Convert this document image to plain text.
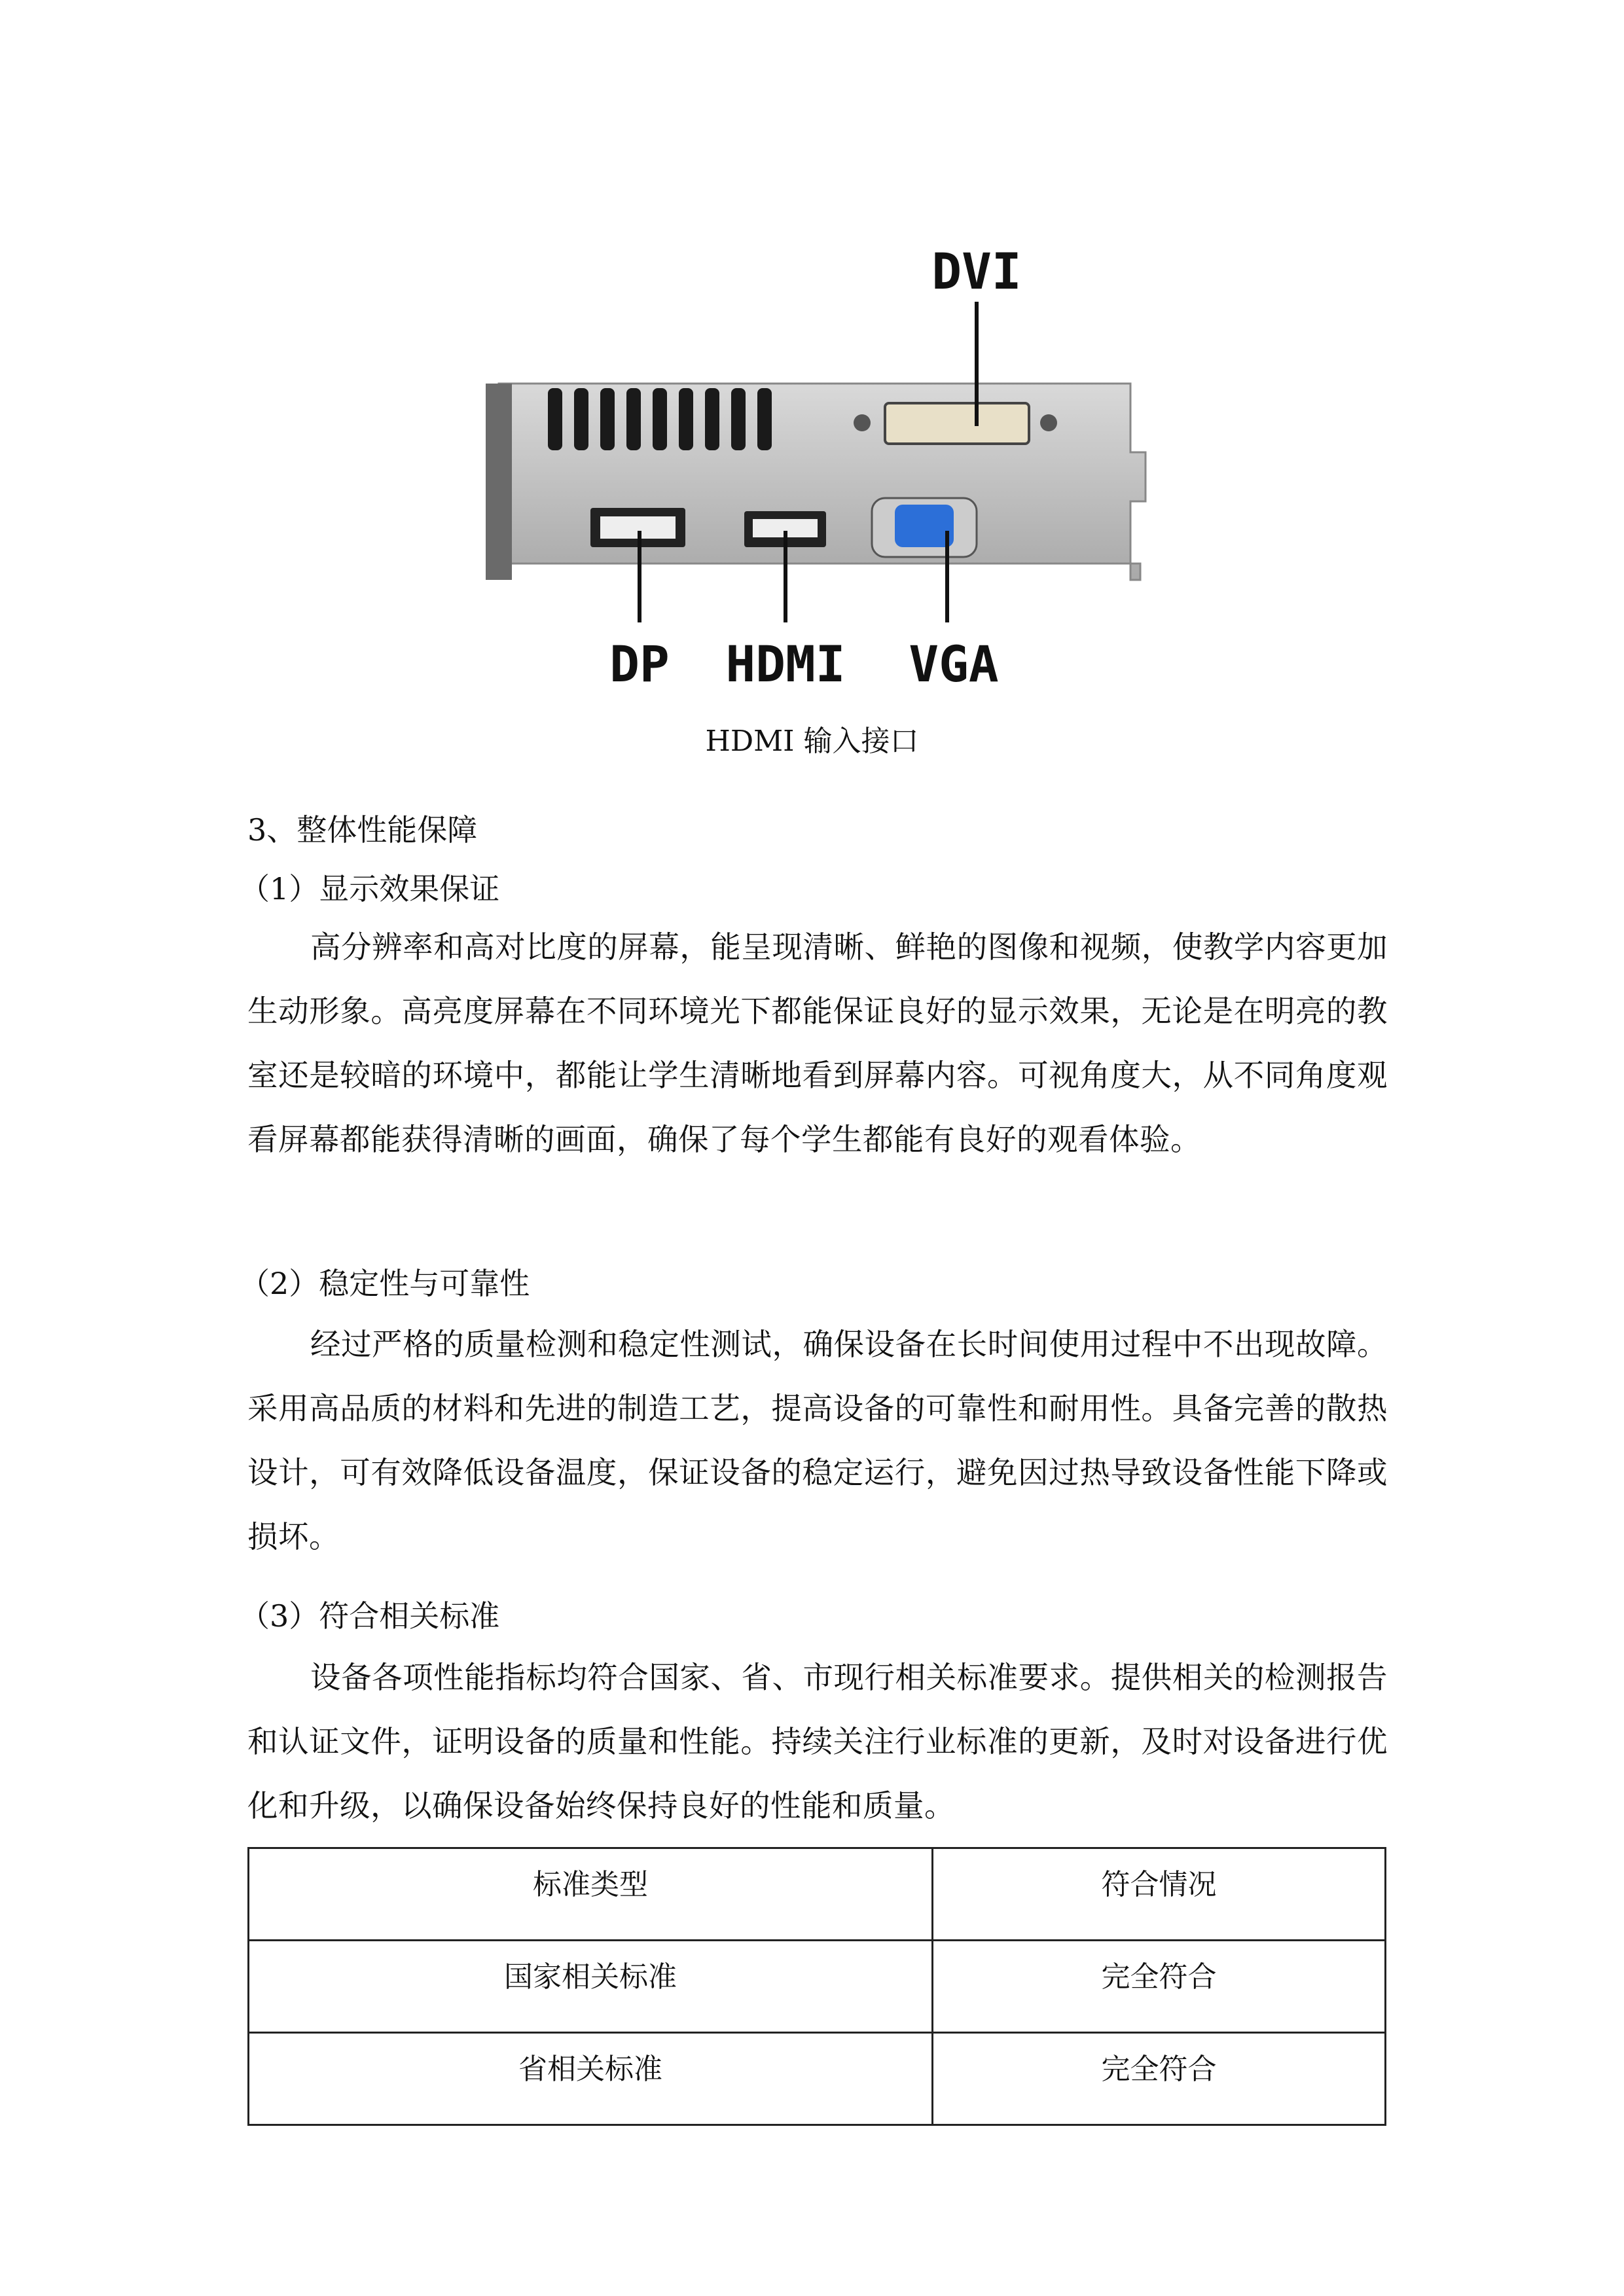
DVI
DP HDMI VGA
HDMI 输入接口
3、整体性能保障
（1）显示效果保证
高分辨率和高对比度的屏幕，能呈现清晰、鲜艳的图像和视频，使教学内容更加生动形象。高亮度屏幕在不同环境光下都能保证良好的显示效果，无论是在明亮的教室还是较暗的环境中，都能让学生清晰地看到屏幕内容。可视角度大，从不同角度观看屏幕都能获得清晰的画面，确保了每个学生都能有良好的观看体验。
（2）稳定性与可靠性
经过严格的质量检测和稳定性测试，确保设备在长时间使用过程中不出现故障。采用高品质的材料和先进的制造工艺，提高设备的可靠性和耐用性。具备完善的散热设计，可有效降低设备温度，保证设备的稳定运行，避免因过热导致设备性能下降或损坏。
（3）符合相关标准
设备各项性能指标均符合国家、省、市现行相关标准要求。提供相关的检测报告和认证文件，证明设备的质量和性能。持续关注行业标准的更新，及时对设备进行优化和升级，以确保设备始终保持良好的性能和质量。
标准类型	符合情况
国家相关标准	完全符合
省相关标准	完全符合
